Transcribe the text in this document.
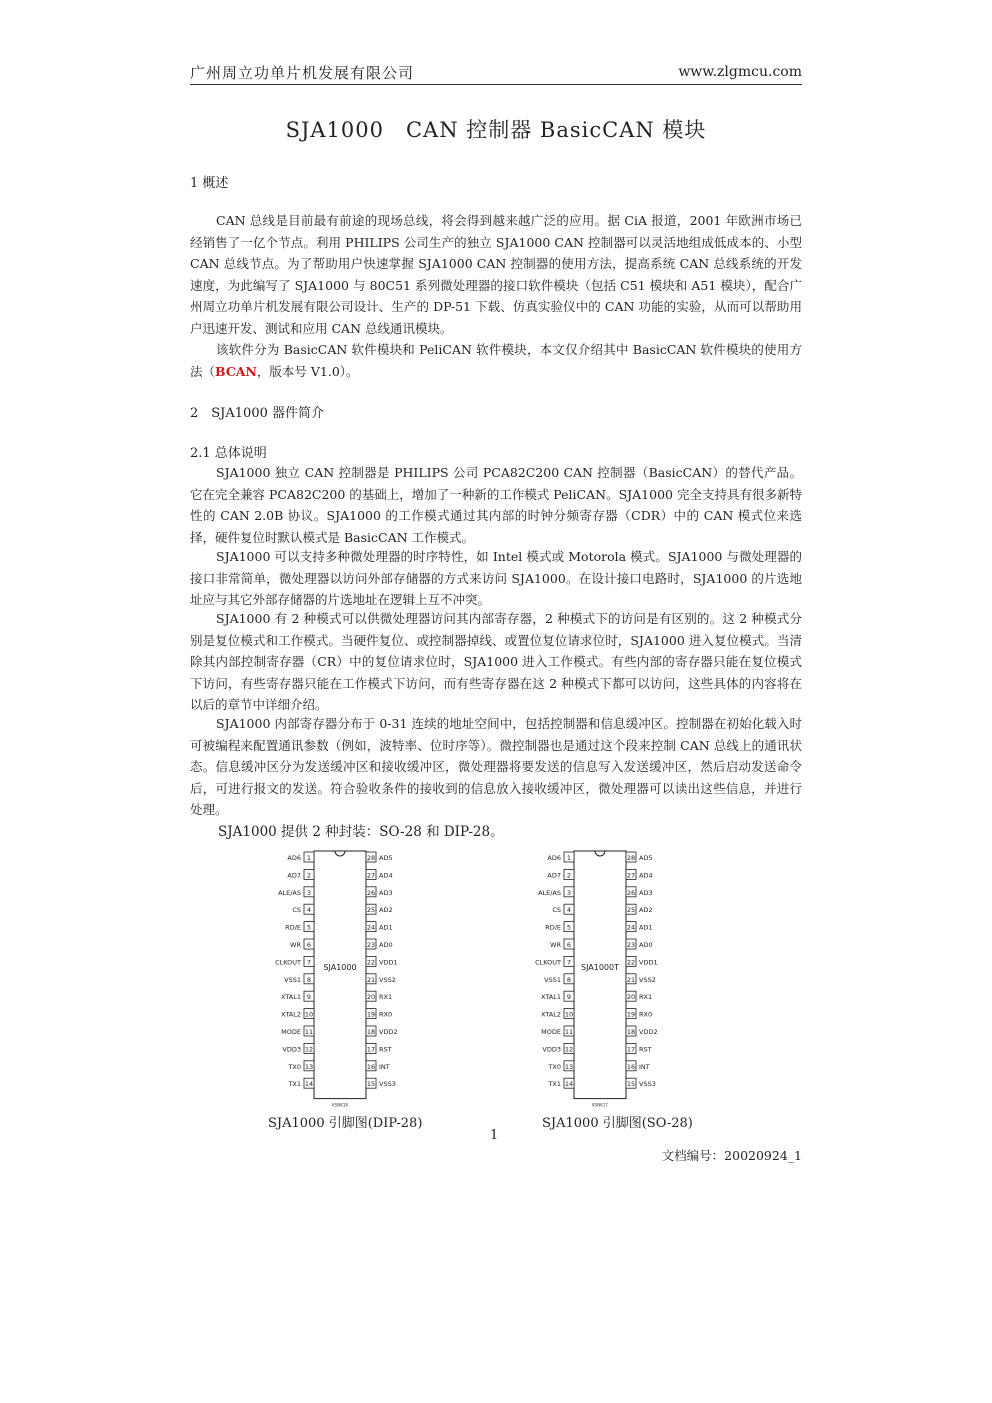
广州周立功单片机发展有限公司	www.zlgmcu.com
SJA1000　CAN 控制器 BasicCAN 模块
1 概述
CAN 总线是目前最有前途的现场总线，将会得到越来越广泛的应用。据 CiA 报道，2001 年欧洲市场已经销售了一亿个节点。利用 PHILIPS 公司生产的独立 SJA1000 CAN 控制器可以灵活地组成低成本的、小型 CAN 总线节点。为了帮助用户快速掌握 SJA1000 CAN 控制器的使用方法，提高系统 CAN 总线系统的开发速度，为此编写了 SJA1000 与 80C51 系列微处理器的接口软件模块（包括 C51 模块和 A51 模块），配合广州周立功单片机发展有限公司设计、生产的 DP-51 下载、仿真实验仪中的 CAN 功能的实验，从而可以帮助用户迅速开发、测试和应用 CAN 总线通讯模块。
该软件分为 BasicCAN 软件模块和 PeliCAN 软件模块，本文仅介绍其中 BasicCAN 软件模块的使用方法（BCAN，版本号 V1.0）。
2　SJA1000 器件简介
2.1 总体说明
SJA1000 独立 CAN 控制器是 PHILIPS 公司 PCA82C200 CAN 控制器（BasicCAN）的替代产品。它在完全兼容 PCA82C200 的基础上，增加了一种新的工作模式 PeliCAN。SJA1000 完全支持具有很多新特性的 CAN 2.0B 协议。SJA1000 的工作模式通过其内部的时钟分频寄存器（CDR）中的 CAN 模式位来选择，硬件复位时默认模式是 BasicCAN 工作模式。
SJA1000 可以支持多种微处理器的时序特性，如 Intel 模式或 Motorola 模式。SJA1000 与微处理器的接口非常简单，微处理器以访问外部存储器的方式来访问 SJA1000。在设计接口电路时，SJA1000 的片选地址应与其它外部存储器的片选地址在逻辑上互不冲突。
SJA1000 有 2 种模式可以供微处理器访问其内部寄存器，2 种模式下的访问是有区别的。这 2 种模式分别是复位模式和工作模式。当硬件复位、或控制器掉线、或置位复位请求位时，SJA1000 进入复位模式。当清除其内部控制寄存器（CR）中的复位请求位时，SJA1000 进入工作模式。有些内部的寄存器只能在复位模式下访问，有些寄存器只能在工作模式下访问，而有些寄存器在这 2 种模式下都可以访问，这些具体的内容将在以后的章节中详细介绍。
SJA1000 内部寄存器分布于 0-31 连续的地址空间中，包括控制器和信息缓冲区。控制器在初始化载入时可被编程来配置通讯参数（例如，波特率、位时序等）。微控制器也是通过这个段来控制 CAN 总线上的通讯状态。信息缓冲区分为发送缓冲区和接收缓冲区，微处理器将要发送的信息写入发送缓冲区，然后启动发送命令后，可进行报文的发送。符合验收条件的接收到的信息放入接收缓冲区，微处理器可以读出这些信息，并进行处理。
SJA1000 提供 2 种封装：SO-28 和 DIP-28。
SJA1000
KSNK18
1
AD6
2
AD7
3
ALE/AS
4
CS
5
RD/E
6
WR
7
CLKOUT
8
VSS1
9
XTAL1
10
XTAL2
11
MODE
12
VDD3
13
TX0
14
TX1
28 AD5
27 AD4
26 AD3
25 AD2
24 AD1
23 AD0
22 VDD1
21 VSS2
20 RX1
19 RX0
18 VDD2
17 RST
16 INT
15 VSS3
SJA1000 引脚图(DIP-28)
SJA1000T
KSNK17
1
AD6
2
AD7
3
ALE/AS
4
CS
5
RD/E
6
WR
7
CLKOUT
8
VSS1
9
XTAL1
10
XTAL2
11
MODE
12
VDD3
13
TX0
14
TX1
28 AD5
27 AD4
26 AD3
25 AD2
24 AD1
23 AD0
22 VDD1
21 VSS2
20 RX1
19 RX0
18 VDD2
17 RST
16 INT
15 VSS3
SJA1000 引脚图(SO-28)
1
文档编号：20020924_1
